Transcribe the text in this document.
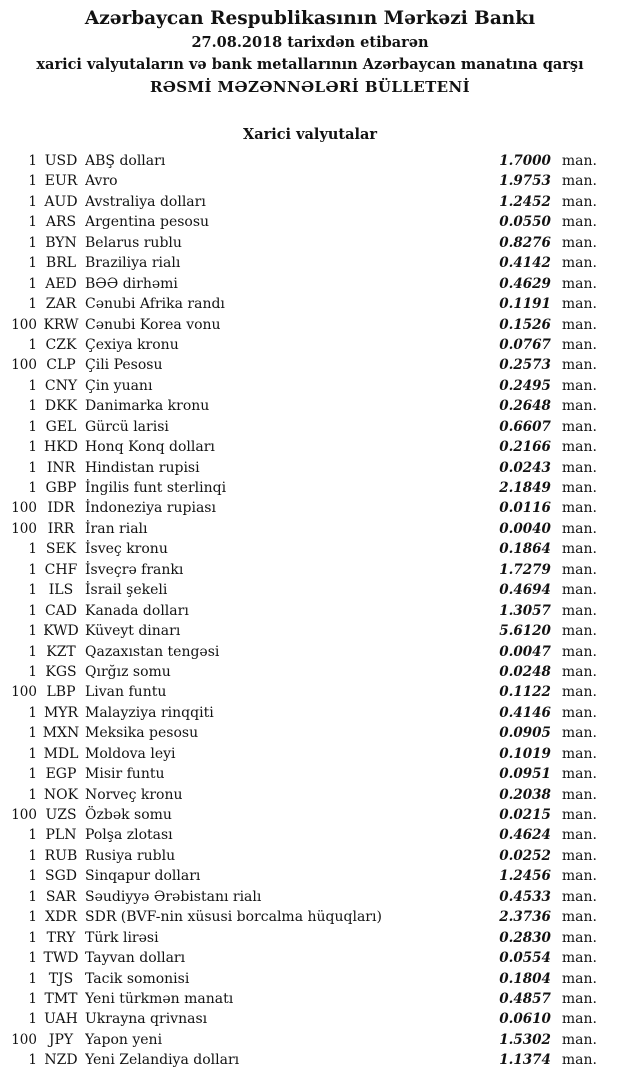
Azərbaycan Respublikasının Mərkəzi Bankı
27.08.2018 tarixdən etibarən
xarici valyutaların və bank metallarının Azərbaycan manatına qarşı
RƏSMİ MƏZƏNNƏLƏRİ BÜLLETENİ
Xarici valyutalar
1 USD ABŞ dolları	1.7000 man.
1 EUR Avro	1.9753 man.
1 AUD Avstraliya dolları	1.2452 man.
1 ARS Argentina pesosu	0.0550 man.
1 BYN Belarus rublu	0.8276 man.
1 BRL Braziliya rialı	0.4142 man.
1 AED BƏƏ dirhəmi	0.4629 man.
1 ZAR Cənubi Afrika randı	0.1191 man.
100 KRW Cənubi Korea vonu	0.1526 man.
1 CZK Çexiya kronu	0.0767 man.
100 CLP Çili Pesosu	0.2573 man.
1 CNY Çin yuanı	0.2495 man.
1 DKK Danimarka kronu	0.2648 man.
1 GEL Gürcü larisi	0.6607 man.
1 HKD Honq Konq dolları	0.2166 man.
1 INR Hindistan rupisi	0.0243 man.
1 GBP İngilis funt sterlinqi	2.1849 man.
100 IDR İndoneziya rupiası	0.0116 man.
100 IRR İran rialı	0.0040 man.
1 SEK İsveç kronu	0.1864 man.
1 CHF İsveçrə frankı	1.7279 man.
1 ILS İsrail şekeli	0.4694 man.
1 CAD Kanada dolları	1.3057 man.
1 KWD Küveyt dinarı	5.6120 man.
1 KZT Qazaxıstan tengəsi	0.0047 man.
1 KGS Qırğız somu	0.0248 man.
100 LBP Livan funtu	0.1122 man.
1 MYR Malayziya rinqqiti	0.4146 man.
1 MXN Meksika pesosu	0.0905 man.
1 MDL Moldova leyi	0.1019 man.
1 EGP Misir funtu	0.0951 man.
1 NOK Norveç kronu	0.2038 man.
100 UZS Özbək somu	0.0215 man.
1 PLN Polşa zlotası	0.4624 man.
1 RUB Rusiya rublu	0.0252 man.
1 SGD Sinqapur dolları	1.2456 man.
1 SAR Səudiyyə Ərəbistanı rialı	0.4533 man.
1 XDR SDR (BVF-nin xüsusi borcalma hüquqları)	2.3736 man.
1 TRY Türk lirəsi	0.2830 man.
1 TWD Tayvan dolları	0.0554 man.
1 TJS Tacik somonisi	0.1804 man.
1 TMT Yeni türkmən manatı	0.4857 man.
1 UAH Ukrayna qrivnası	0.0610 man.
100 JPY Yapon yeni	1.5302 man.
1 NZD Yeni Zelandiya dolları	1.1374 man.
